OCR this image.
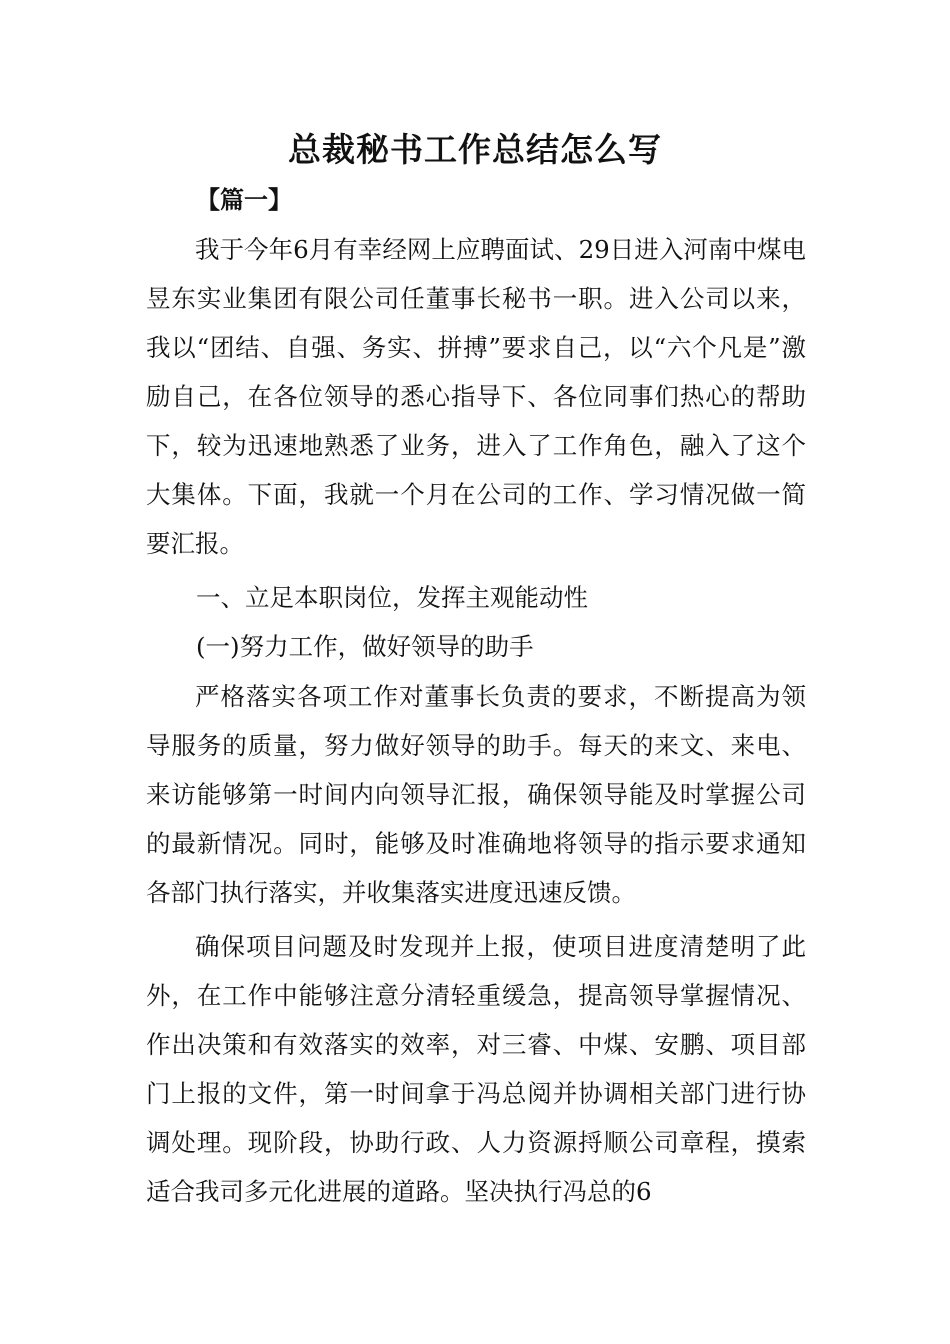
总裁秘书工作总结怎么写
【篇一】

我于今年6月有幸经网上应聘面试、29日进入河南中煤电昱东实业集团有限公司任董事长秘书一职。进入公司以来，我以“团结、自强、务实、拼搏”要求自己，以“六个凡是”激励自己，在各位领导的悉心指导下、各位同事们热心的帮助下，较为迅速地熟悉了业务，进入了工作角色，融入了这个大集体。下面，我就一个月在公司的工作、学习情况做一简要汇报。

一、立足本职岗位，发挥主观能动性

(一)努力工作，做好领导的助手

严格落实各项工作对董事长负责的要求，不断提高为领导服务的质量，努力做好领导的助手。每天的来文、来电、来访能够第一时间内向领导汇报，确保领导能及时掌握公司的最新情况。同时，能够及时准确地将领导的指示要求通知各部门执行落实，并收集落实进度迅速反馈。

确保项目问题及时发现并上报，使项目进度清楚明了此外，在工作中能够注意分清轻重缓急，提高领导掌握情况、作出决策和有效落实的效率，对三睿、中煤、安鹏、项目部门上报的文件，第一时间拿于冯总阅并协调相关部门进行协调处理。现阶段，协助行政、人力资源捋顺公司章程，摸索适合我司多元化进展的道路。坚决执行冯总的6
